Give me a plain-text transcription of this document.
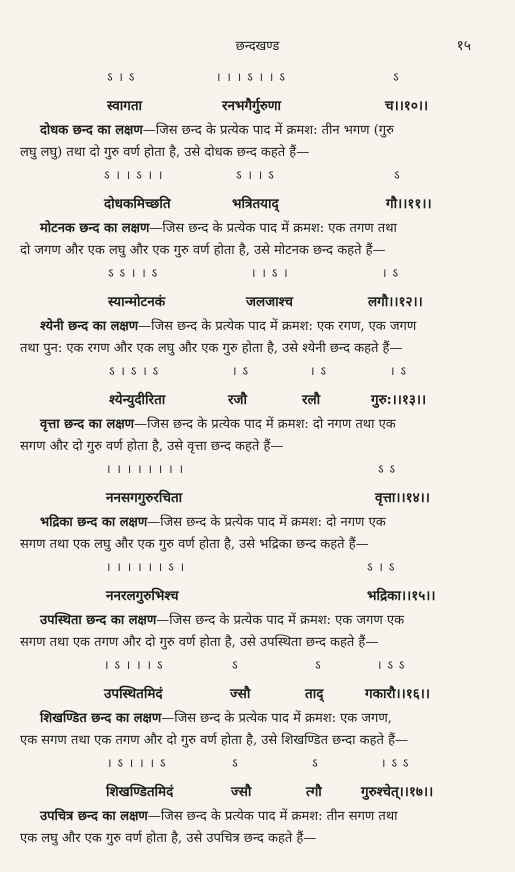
छन्दखण्ड	१५
ऽ । ऽ	। । । ऽ । । ऽ	ऽ
स्वागता	रनभगैर्गुरुणा	च।।१०।।

दोधक छन्द का लक्षण—जिस छन्द के प्रत्येक पाद में क्रमश: तीन भगण (गुरु

लघु लघु) तथा दो गुरु वर्ण होता है, उसे दोधक छन्द कहते हैं—

ऽ । । ऽ । ।	ऽ । । ऽ	ऽ
दोधकमिच्छति	भत्रितयाद्	गौ।।११।।

मोटनक छन्द का लक्षण—जिस छन्द के प्रत्येक पाद में क्रमश: एक तगण तथा

दो जगण और एक लघु और एक गुरु वर्ण होता है, उसे मोटनक छन्द कहते हैं—

ऽ ऽ । । ऽ	। । ऽ ।	। ऽ
स्यान्मोटनकं	जलजाश्च	लगौ।।१२।।

श्येनी छन्द का लक्षण—जिस छन्द के प्रत्येक पाद में क्रमश: एक रगण, एक जगण

तथा पुन: एक रगण और एक लघु और एक गुरु होता है, उसे श्येनी छन्द कहते हैं—

ऽ । ऽ । ऽ	। ऽ	। ऽ	। ऽ
श्येन्युदीरिता	रजौ	रलौ	गुरु:।।१३।।

वृत्ता छन्द का लक्षण—जिस छन्द के प्रत्येक पाद में क्रमश: दो नगण तथा एक

सगण और दो गुरु वर्ण होता है, उसे वृत्ता छन्द कहते हैं—

। । । । । । । ।	ऽ ऽ
ननसगगुरुरचिता	वृत्ता।।१४।।

भद्रिका छन्द का लक्षण—जिस छन्द के प्रत्येक पाद में क्रमश: दो नगण एक

सगण तथा एक लघु और एक गुरु वर्ण होता है, उसे भद्रिका छन्द कहते हैं—

। । । । । । ऽ ।	ऽ । ऽ
ननरलगुरुभिश्च	भद्रिका।।१५।।

उपस्थिता छन्द का लक्षण—जिस छन्द के प्रत्येक पाद में क्रमश: एक जगण एक

सगण तथा एक तगण और दो गुरु वर्ण होता है, उसे उपस्थिता छन्द कहते हैं—

। ऽ । । । ऽ	ऽ	ऽ	। ऽ ऽ
उपस्थितमिदं	ज्सौ	ताद्	गकारौ।।१६।।

शिखण्डित छन्द का लक्षण—जिस छन्द के प्रत्येक पाद में क्रमश: एक जगण,

एक सगण तथा एक तगण और दो गुरु वर्ण होता है, उसे शिखण्डित छन्दा कहते हैं—

। ऽ । । । ऽ	ऽ	ऽ	। ऽ ऽ
शिखण्डितमिदं	ज्सौ	त्गौ	गुरुश्चेत्।।१७।।

उपचित्र छन्द का लक्षण—जिस छन्द के प्रत्येक पाद में क्रमश: तीन सगण तथा

एक लघु और एक गुरु वर्ण होता है, उसे उपचित्र छन्द कहते हैं—
